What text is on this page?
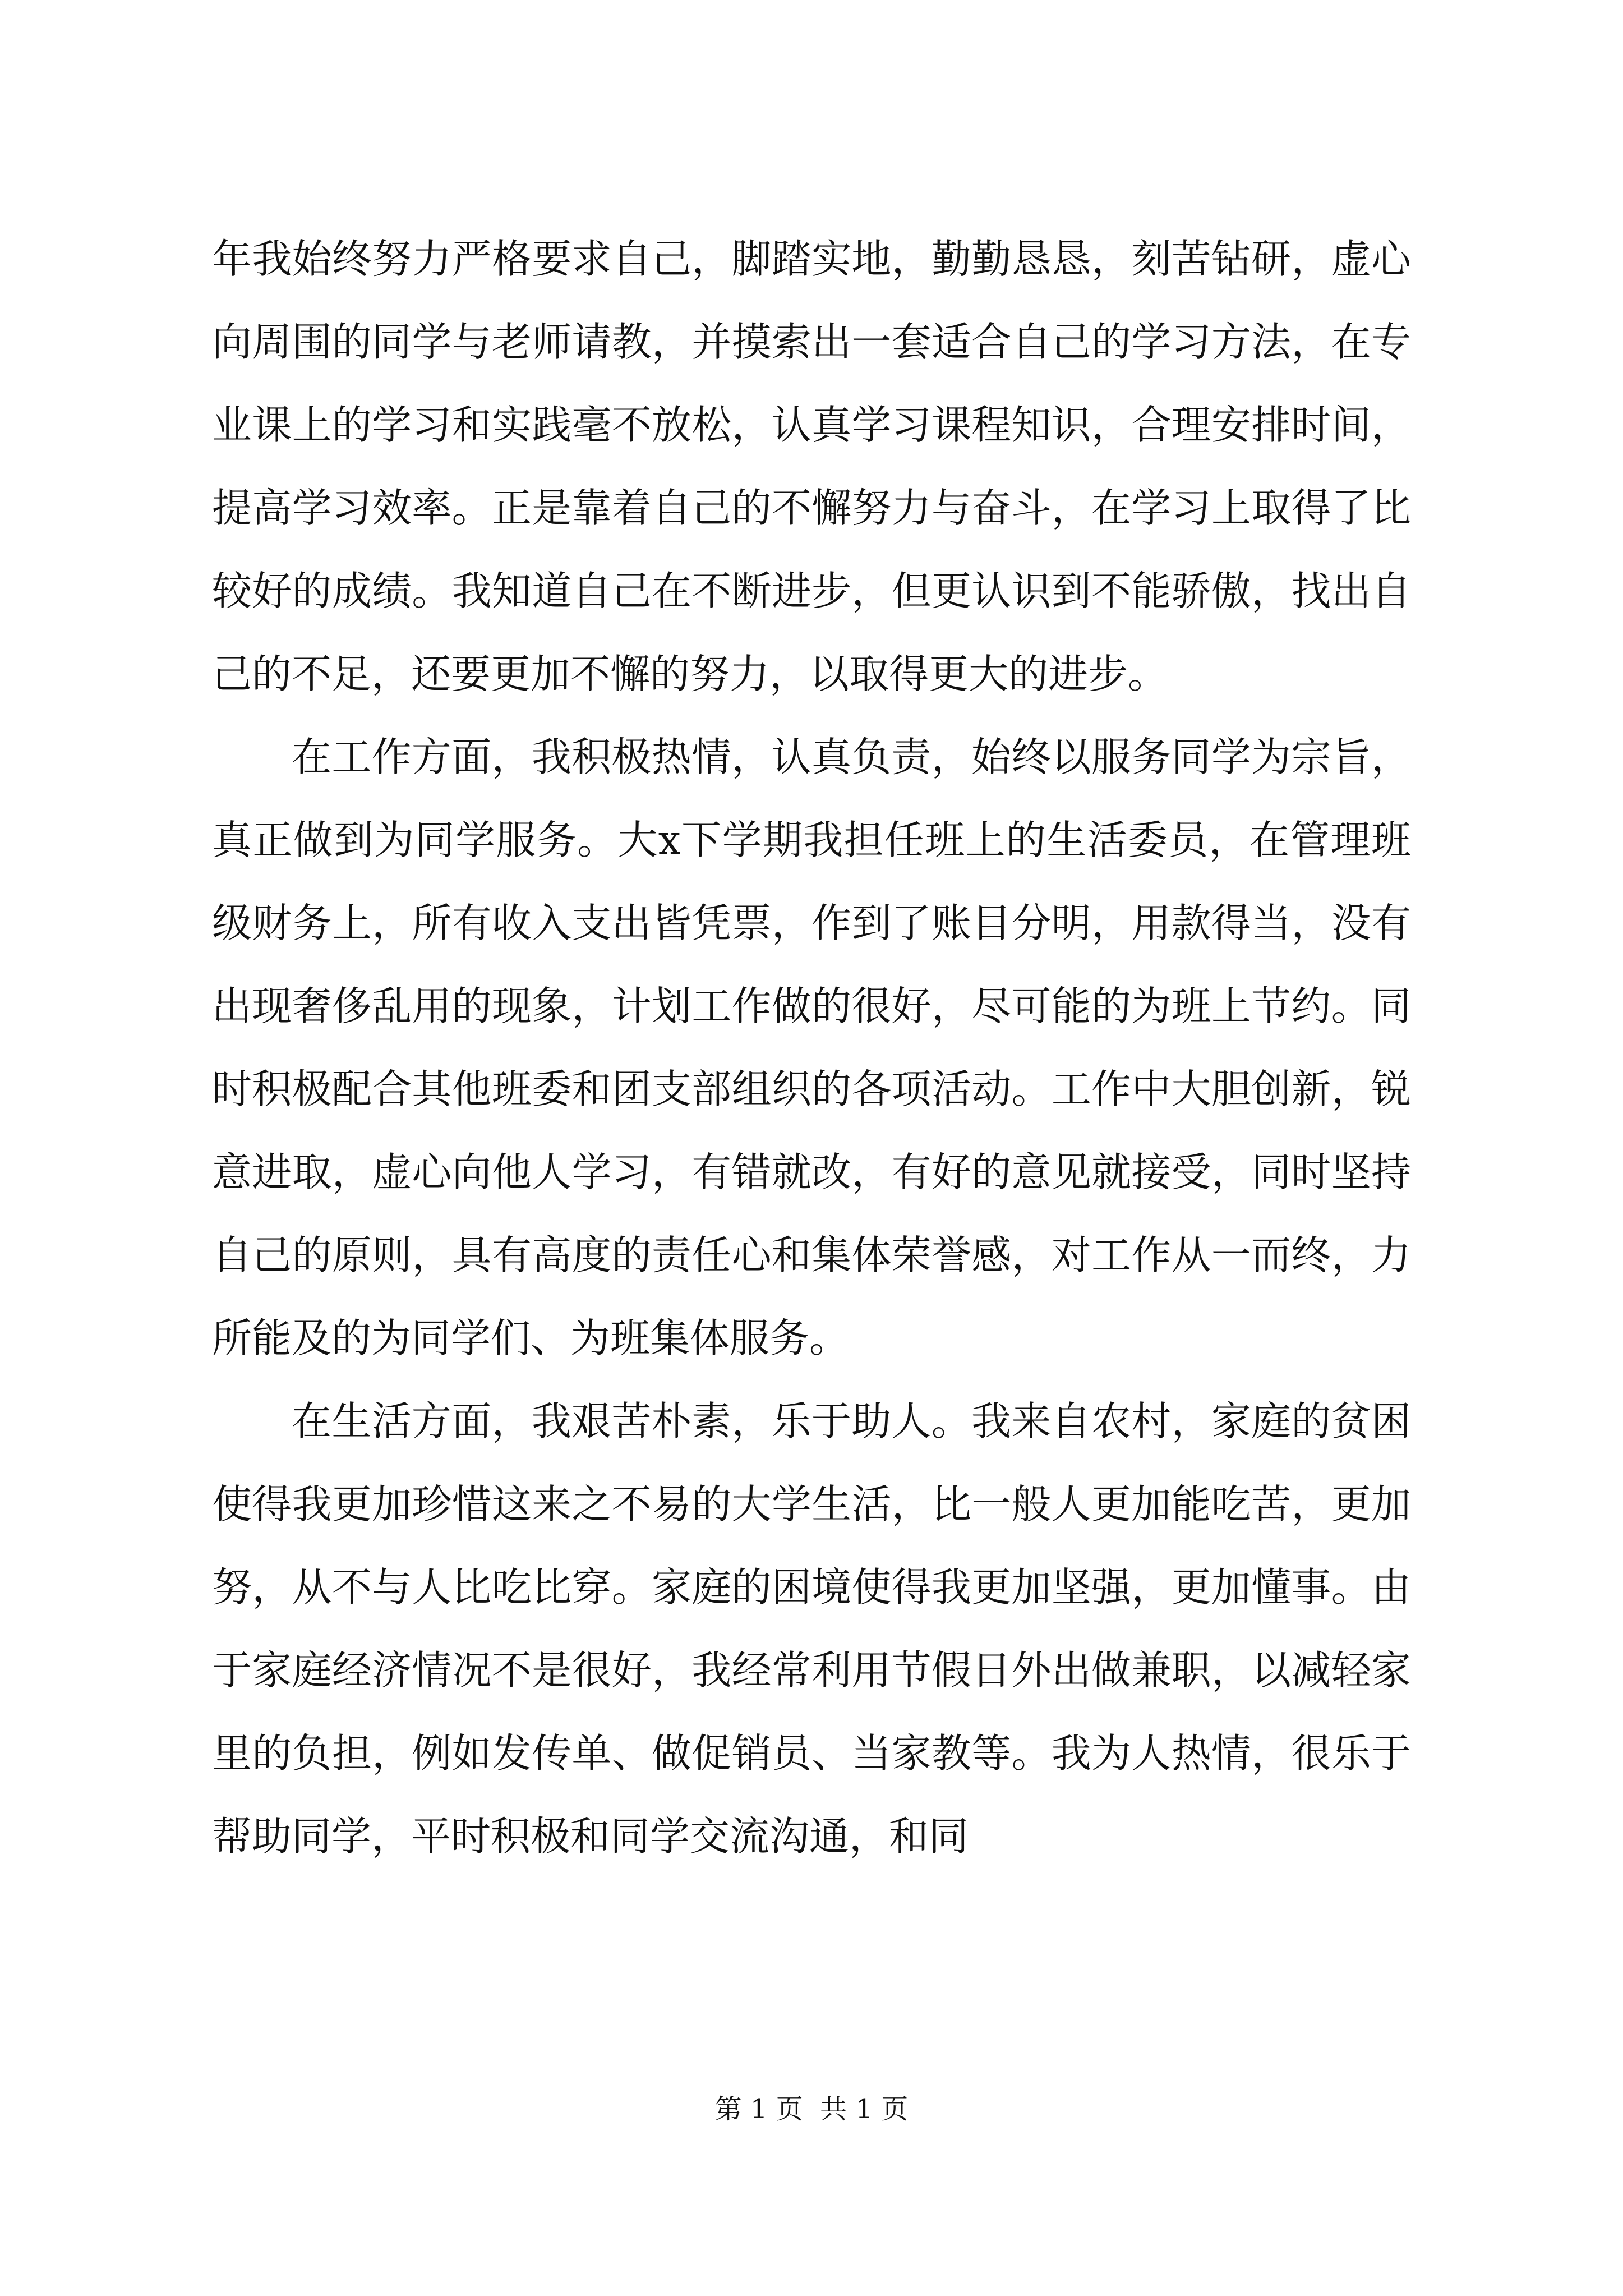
年我始终努力严格要求自己，脚踏实地，勤勤恳恳，刻苦钻研，虚心向周围的同学与老师请教，并摸索出一套适合自己的学习方法，在专业课上的学习和实践毫不放松，认真学习课程知识，合理安排时间，提高学习效率。正是靠着自己的不懈努力与奋斗，在学习上取得了比较好的成绩。我知道自己在不断进步，但更认识到不能骄傲，找出自己的不足，还要更加不懈的努力，以取得更大的进步。

在工作方面，我积极热情，认真负责，始终以服务同学为宗旨，真正做到为同学服务。大x下学期我担任班上的生活委员，在管理班级财务上，所有收入支出皆凭票，作到了账目分明，用款得当，没有出现奢侈乱用的现象，计划工作做的很好，尽可能的为班上节约。同时积极配合其他班委和团支部组织的各项活动。工作中大胆创新，锐意进取，虚心向他人学习，有错就改，有好的意见就接受，同时坚持自己的原则，具有高度的责任心和集体荣誉感，对工作从一而终，力所能及的为同学们、为班集体服务。

在生活方面，我艰苦朴素，乐于助人。我来自农村，家庭的贫困使得我更加珍惜这来之不易的大学生活，比一般人更加能吃苦，更加努，从不与人比吃比穿。家庭的困境使得我更加坚强，更加懂事。由于家庭经济情况不是很好，我经常利用节假日外出做兼职，以减轻家里的负担，例如发传单、做促销员、当家教等。我为人热情，很乐于帮助同学，平时积极和同学交流沟通，和同

第 1 页  共 1 页
